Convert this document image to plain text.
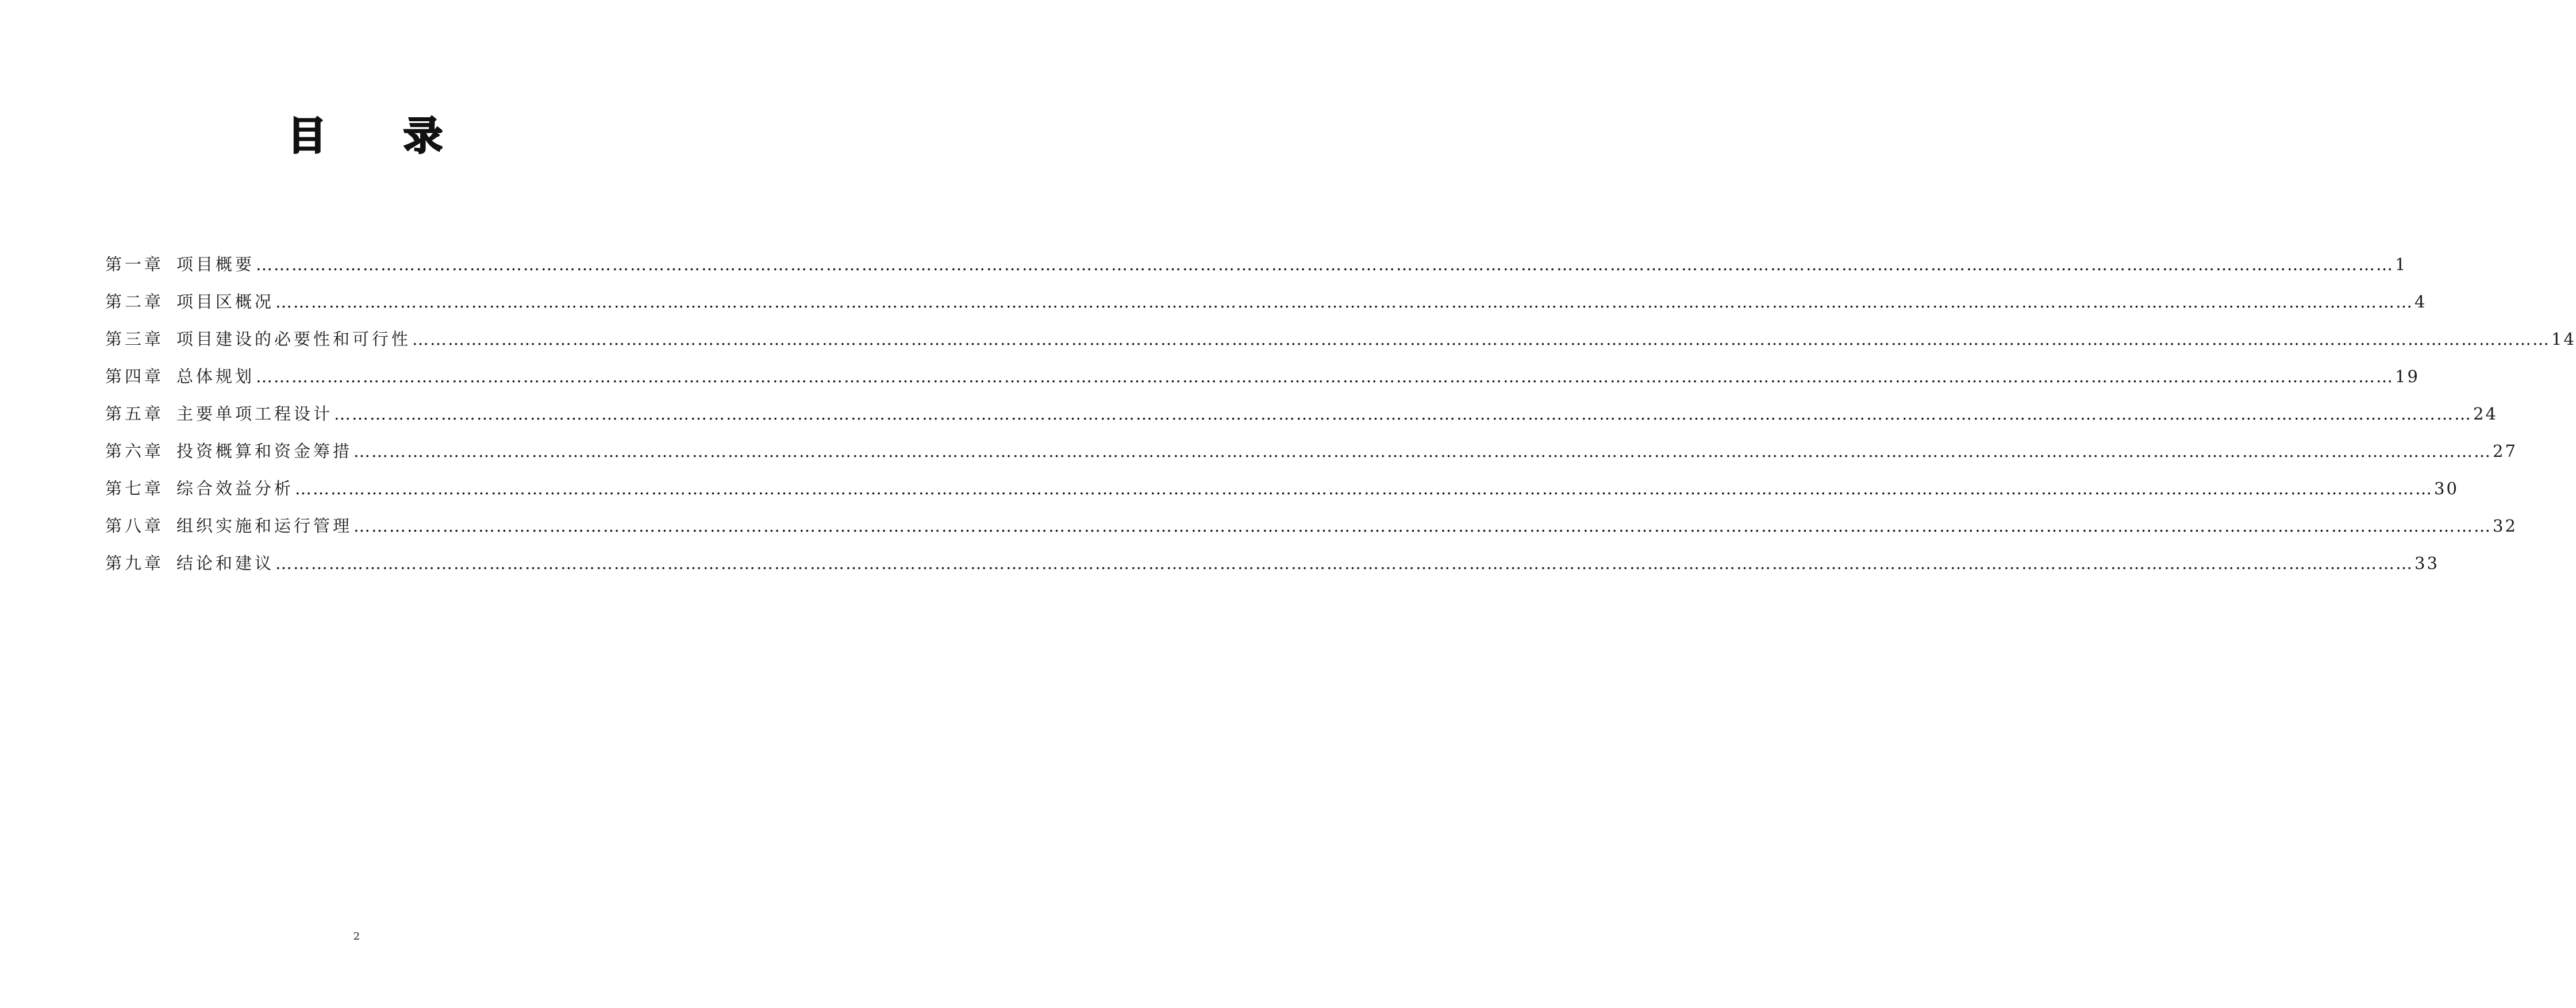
目 录
第一章 项目概要 ……………………………………………………………………………………………………………………………………………………………………………………………………………………………………………………………………………………………………………………………… 1
第二章 项目区概况 ……………………………………………………………………………………………………………………………………………………………………………………………………………………………………………………………………………………………………………………………… 4
第三章 项目建设的必要性和可行性 ……………………………………………………………………………………………………………………………………………………………………………………………………………………………………………………………………………………………………………………………… 14
第四章 总体规划 ……………………………………………………………………………………………………………………………………………………………………………………………………………………………………………………………………………………………………………………………… 19
第五章 主要单项工程设计 ……………………………………………………………………………………………………………………………………………………………………………………………………………………………………………………………………………………………………………………………… 24
第六章 投资概算和资金筹措 ……………………………………………………………………………………………………………………………………………………………………………………………………………………………………………………………………………………………………………………………… 27
第七章 综合效益分析 ……………………………………………………………………………………………………………………………………………………………………………………………………………………………………………………………………………………………………………………………… 30
第八章 组织实施和运行管理 ……………………………………………………………………………………………………………………………………………………………………………………………………………………………………………………………………………………………………………………………… 32
第九章 结论和建议 ……………………………………………………………………………………………………………………………………………………………………………………………………………………………………………………………………………………………………………………………… 33
2
